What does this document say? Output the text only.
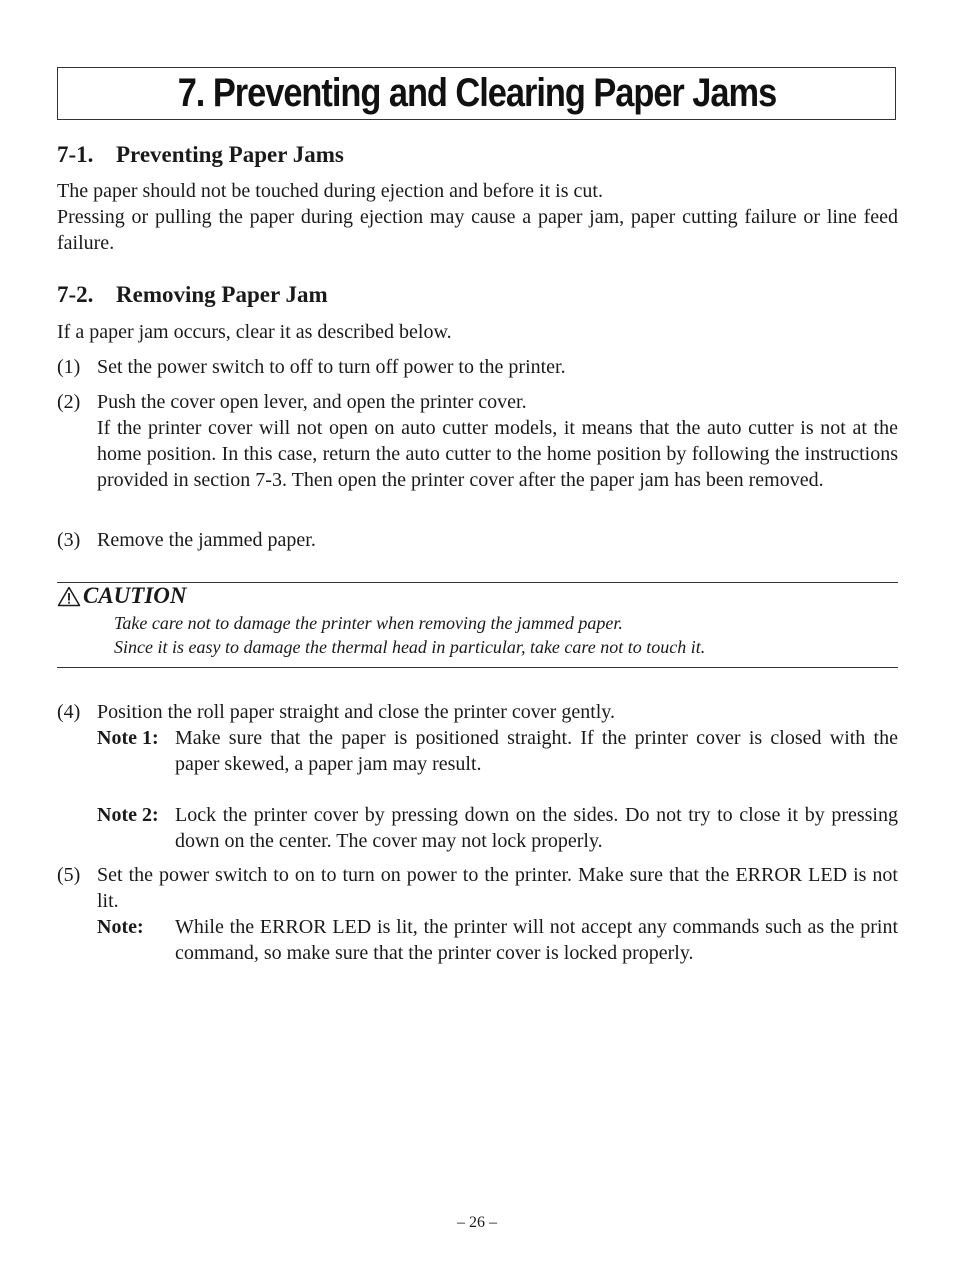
7. Preventing and Clearing Paper Jams
7-1. Preventing Paper Jams
The paper should not be touched during ejection and before it is cut.
Pressing or pulling the paper during ejection may cause a paper jam, paper cutting failure or line feed failure.
7-2. Removing Paper Jam
If a paper jam occurs, clear it as described below.
(1) Set the power switch to off to turn off power to the printer.
(2) Push the cover open lever, and open the printer cover.
If the printer cover will not open on auto cutter models, it means that the auto cutter is not at the home position. In this case, return the auto cutter to the home position by following the instructions provided in section 7-3. Then open the printer cover after the paper jam has been removed.
(3) Remove the jammed paper.
CAUTION
Take care not to damage the printer when removing the jammed paper.
Since it is easy to damage the thermal head in particular, take care not to touch it.
(4) Position the roll paper straight and close the printer cover gently.
Note 1: Make sure that the paper is positioned straight. If the printer cover is closed with the paper skewed, a paper jam may result.
Note 2: Lock the printer cover by pressing down on the sides. Do not try to close it by pressing down on the center. The cover may not lock properly.
(5) Set the power switch to on to turn on power to the printer. Make sure that the ERROR LED is not lit.
Note: While the ERROR LED is lit, the printer will not accept any commands such as the print command, so make sure that the printer cover is locked properly.
– 26 –
